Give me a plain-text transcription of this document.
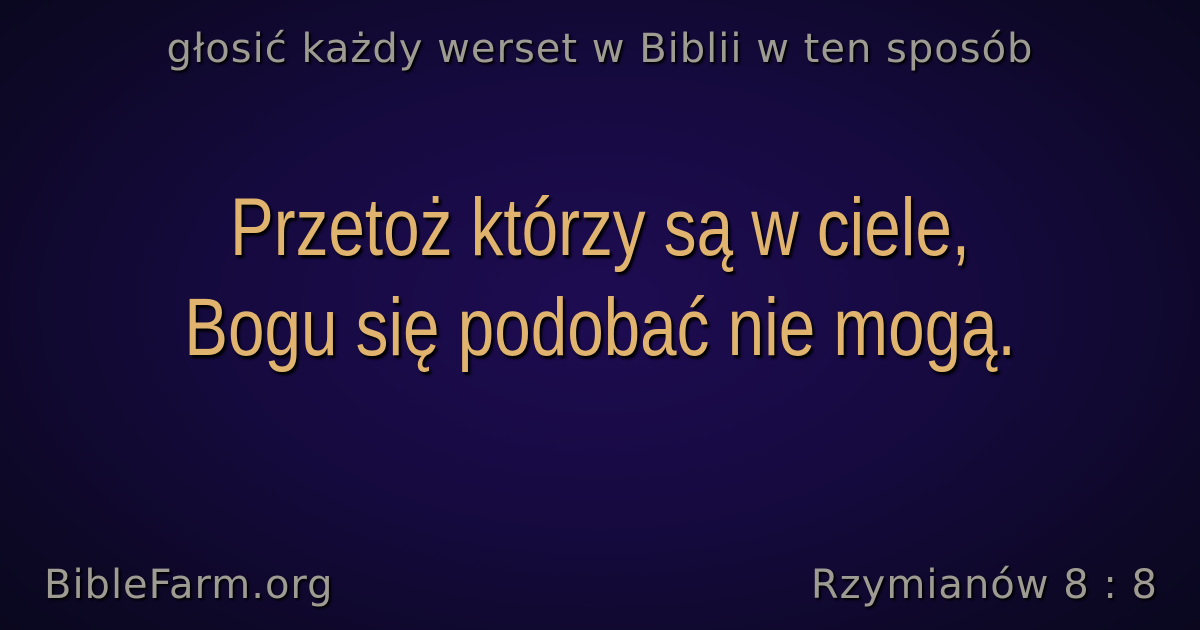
głosić każdy werset w Biblii w ten sposób
Przetoż którzy są w ciele,
Bogu się podobać nie mogą.
BibleFarm.org	Rzymianów 8 : 8
